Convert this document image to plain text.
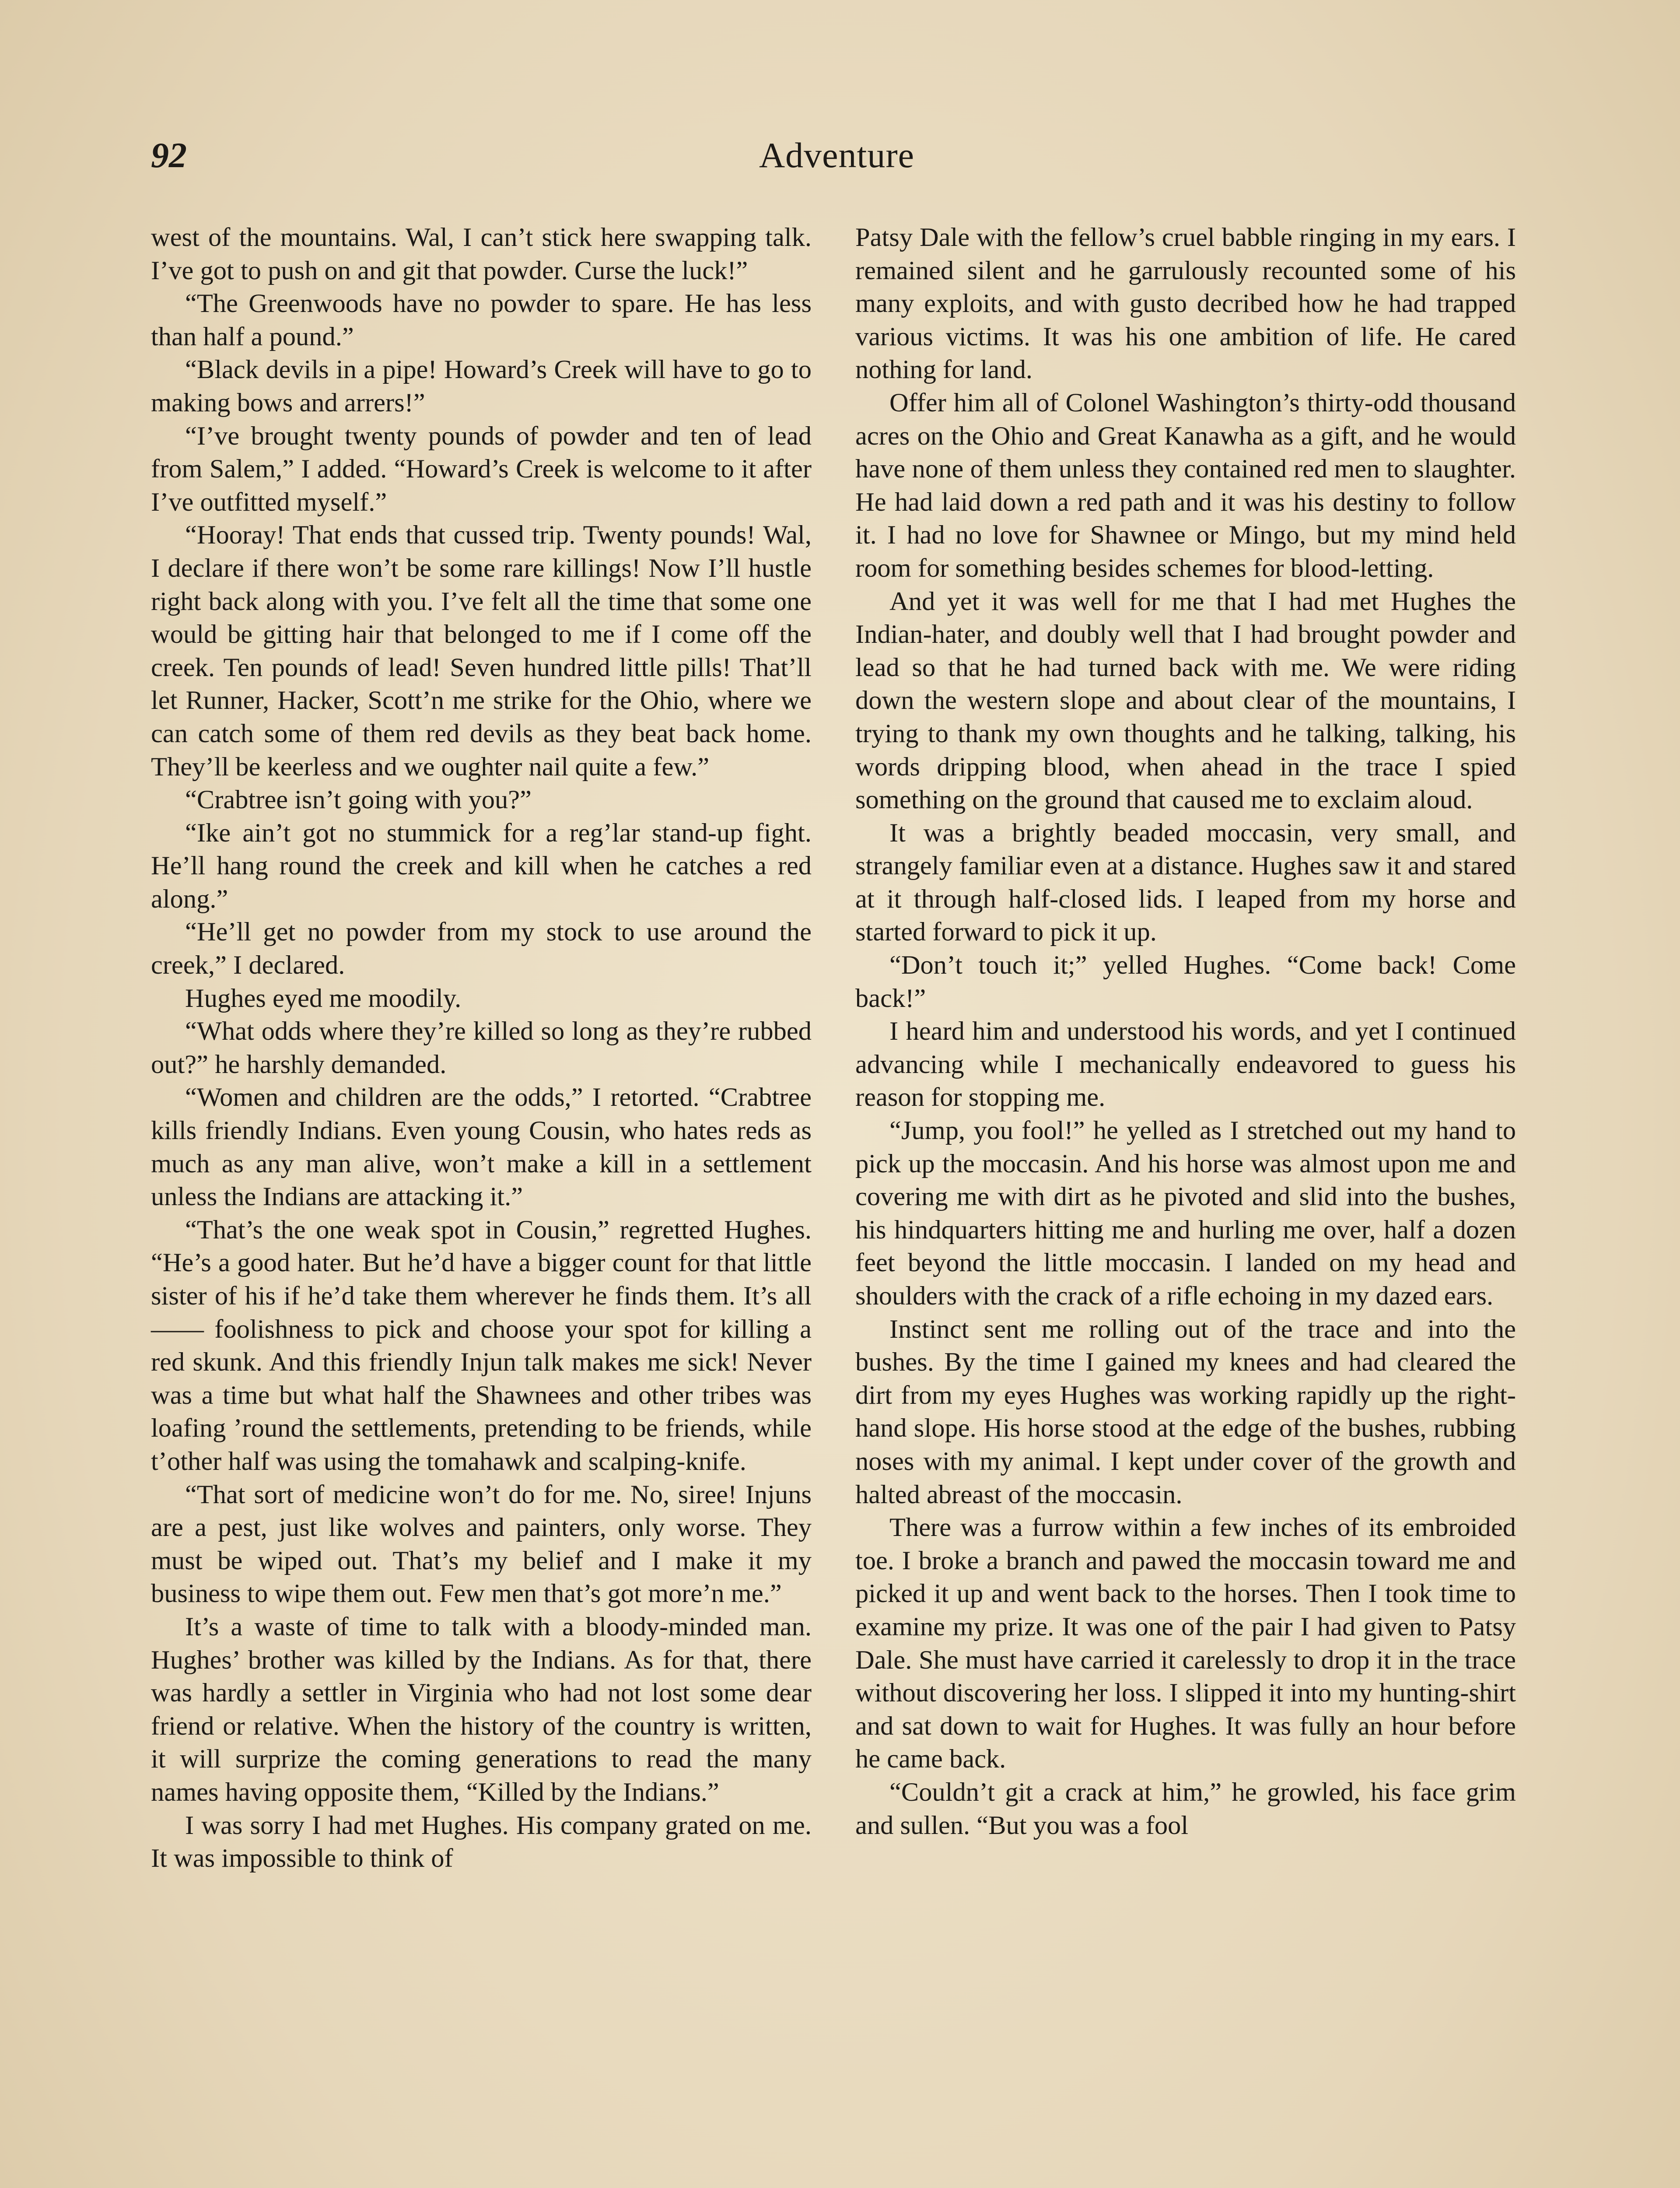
92	Adventure

west of the mountains. Wal, I can’t stick here swapping talk. I’ve got to push on and git that powder. Curse the luck!”

“The Greenwoods have no powder to spare. He has less than half a pound.”

“Black devils in a pipe! Howard’s Creek will have to go to making bows and arrers!”

“I’ve brought twenty pounds of powder and ten of lead from Salem,” I added. “Howard’s Creek is welcome to it after I’ve outfitted myself.”

“Hooray! That ends that cussed trip. Twenty pounds! Wal, I declare if there won’t be some rare killings! Now I’ll hustle right back along with you. I’ve felt all the time that some one would be gitting hair that belonged to me if I come off the creek. Ten pounds of lead! Seven hundred little pills! That’ll let Runner, Hacker, Scott’n me strike for the Ohio, where we can catch some of them red devils as they beat back home. They’ll be keerless and we oughter nail quite a few.”

“Crabtree isn’t going with you?”

“Ike ain’t got no stummick for a reg’lar stand-up fight. He’ll hang round the creek and kill when he catches a red along.”

“He’ll get no powder from my stock to use around the creek,” I declared.

Hughes eyed me moodily.

“What odds where they’re killed so long as they’re rubbed out?” he harshly demanded.

“Women and children are the odds,” I retorted. “Crabtree kills friendly Indians. Even young Cousin, who hates reds as much as any man alive, won’t make a kill in a settlement unless the Indians are attacking it.”

“That’s the one weak spot in Cousin,” regretted Hughes. “He’s a good hater. But he’d have a bigger count for that little sister of his if he’d take them wherever he finds them. It’s all —— foolishness to pick and choose your spot for killing a red skunk. And this friendly Injun talk makes me sick! Never was a time but what half the Shawnees and other tribes was loafing ’round the settlements, pretending to be friends, while t’other half was using the tomahawk and scalping-knife.

“That sort of medicine won’t do for me. No, siree! Injuns are a pest, just like wolves and painters, only worse. They must be wiped out. That’s my belief and I make it my business to wipe them out. Few men that’s got more’n me.”

It’s a waste of time to talk with a bloody-minded man. Hughes’ brother was killed by the Indians. As for that, there was hardly a settler in Virginia who had not lost some dear friend or relative. When the history of the country is written, it will surprize the coming generations to read the many names having opposite them, “Killed by the Indians.”

I was sorry I had met Hughes. His company grated on me. It was impossible to think of

Patsy Dale with the fellow’s cruel babble ringing in my ears. I remained silent and he garrulously recounted some of his many exploits, and with gusto decribed how he had trapped various victims. It was his one ambition of life. He cared nothing for land.

Offer him all of Colonel Washington’s thirty-odd thousand acres on the Ohio and Great Kanawha as a gift, and he would have none of them unless they contained red men to slaughter. He had laid down a red path and it was his destiny to follow it. I had no love for Shawnee or Mingo, but my mind held room for something besides schemes for blood-letting.

And yet it was well for me that I had met Hughes the Indian-hater, and doubly well that I had brought powder and lead so that he had turned back with me. We were riding down the western slope and about clear of the mountains, I trying to thank my own thoughts and he talking, talking, his words dripping blood, when ahead in the trace I spied something on the ground that caused me to exclaim aloud.

It was a brightly beaded moccasin, very small, and strangely familiar even at a distance. Hughes saw it and stared at it through half-closed lids. I leaped from my horse and started forward to pick it up.

“Don’t touch it;” yelled Hughes. “Come back! Come back!”

I heard him and understood his words, and yet I continued advancing while I mechanically endeavored to guess his reason for stopping me.

“Jump, you fool!” he yelled as I stretched out my hand to pick up the moccasin. And his horse was almost upon me and covering me with dirt as he pivoted and slid into the bushes, his hindquarters hitting me and hurling me over, half a dozen feet beyond the little moccasin. I landed on my head and shoulders with the crack of a rifle echoing in my dazed ears.

Instinct sent me rolling out of the trace and into the bushes. By the time I gained my knees and had cleared the dirt from my eyes Hughes was working rapidly up the right-hand slope. His horse stood at the edge of the bushes, rubbing noses with my animal. I kept under cover of the growth and halted abreast of the moccasin.

There was a furrow within a few inches of its embroided toe. I broke a branch and pawed the moccasin toward me and picked it up and went back to the horses. Then I took time to examine my prize. It was one of the pair I had given to Patsy Dale. She must have carried it carelessly to drop it in the trace without discovering her loss. I slipped it into my hunting-shirt and sat down to wait for Hughes. It was fully an hour before he came back.

“Couldn’t git a crack at him,” he growled, his face grim and sullen. “But you was a fool
